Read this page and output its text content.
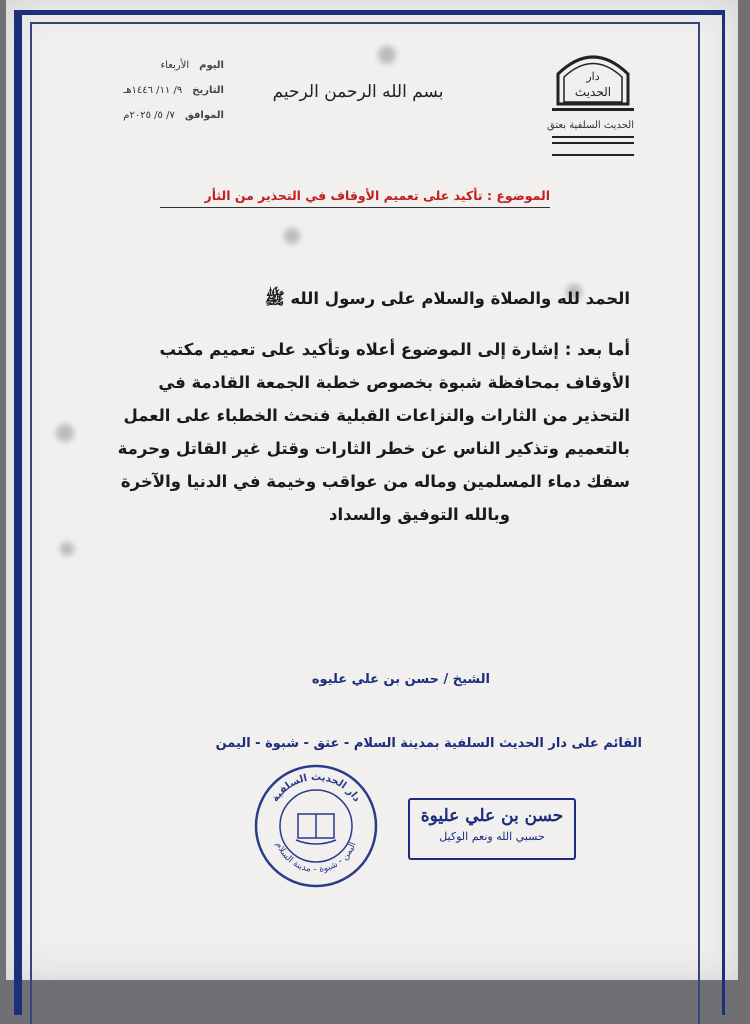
دار
الحديث
الحديث السلفية بعتق
اليوم
الأربعاء
التاريخ
٩/ ١١/ ١٤٤٦هـ
الموافق
٧/ ٥/ ٢٠٢٥م
بسم الله الرحمن الرحيم
الموضوع : تأكيد على تعميم الأوقاف في التحذير من الثأر
الحمد لله والصلاة والسلام على رسول الله ﷺ
أما بعد : إشارة إلى الموضوع أعلاه وتأكيد على تعميم مكتب
الأوقاف بمحافظة شبوة بخصوص خطبة الجمعة القادمة في
التحذير من الثارات والنزاعات القبلية فنحث الخطباء على العمل
بالتعميم وتذكير الناس عن خطر الثارات وقتل غير القاتل وحرمة
سفك دماء المسلمين وماله من عواقب وخيمة في الدنيا والآخرة
وبالله التوفيق والسداد
الشيخ / حسن بن علي عليوه
القائم على دار الحديث السلفية بمدينة السلام - عتق - شبوة - اليمن
دار الحديث السلفية
اليمن - شبوة - مدينة السلام
حسن بن علي عليوة
حسبي الله ونعم الوكيل
